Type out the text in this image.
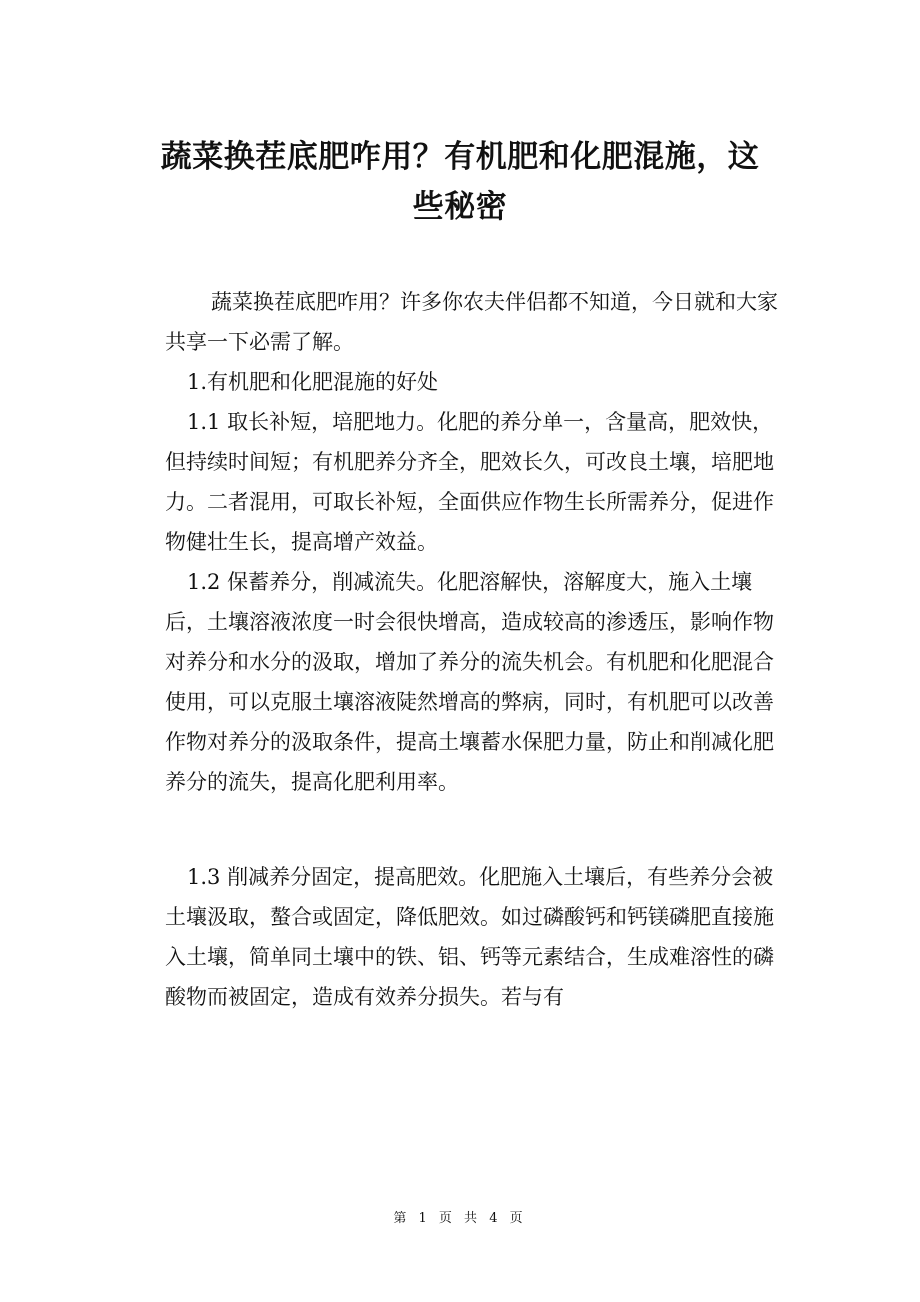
蔬菜换茬底肥咋用？有机肥和化肥混施，这
些秘密

蔬菜换茬底肥咋用？许多你农夫伴侣都不知道，今日就和大家共享一下必需了解。

1.有机肥和化肥混施的好处

1.1 取长补短，培肥地力。化肥的养分单一，含量高，肥效快，但持续时间短；有机肥养分齐全，肥效长久，可改良土壤，培肥地力。二者混用，可取长补短，全面供应作物生长所需养分，促进作物健壮生长，提高增产效益。

1.2 保蓄养分，削减流失。化肥溶解快，溶解度大，施入土壤后，土壤溶液浓度一时会很快增高，造成较高的渗透压，影响作物对养分和水分的汲取，增加了养分的流失机会。有机肥和化肥混合使用，可以克服土壤溶液陡然增高的弊病，同时，有机肥可以改善作物对养分的汲取条件，提高土壤蓄水保肥力量，防止和削减化肥养分的流失，提高化肥利用率。

1.3 削减养分固定，提高肥效。化肥施入土壤后，有些养分会被土壤汲取，螯合或固定，降低肥效。如过磷酸钙和钙镁磷肥直接施入土壤，简单同土壤中的铁、铝、钙等元素结合，生成难溶性的磷酸物而被固定，造成有效养分损失。若与有

第 1 页 共 4 页
